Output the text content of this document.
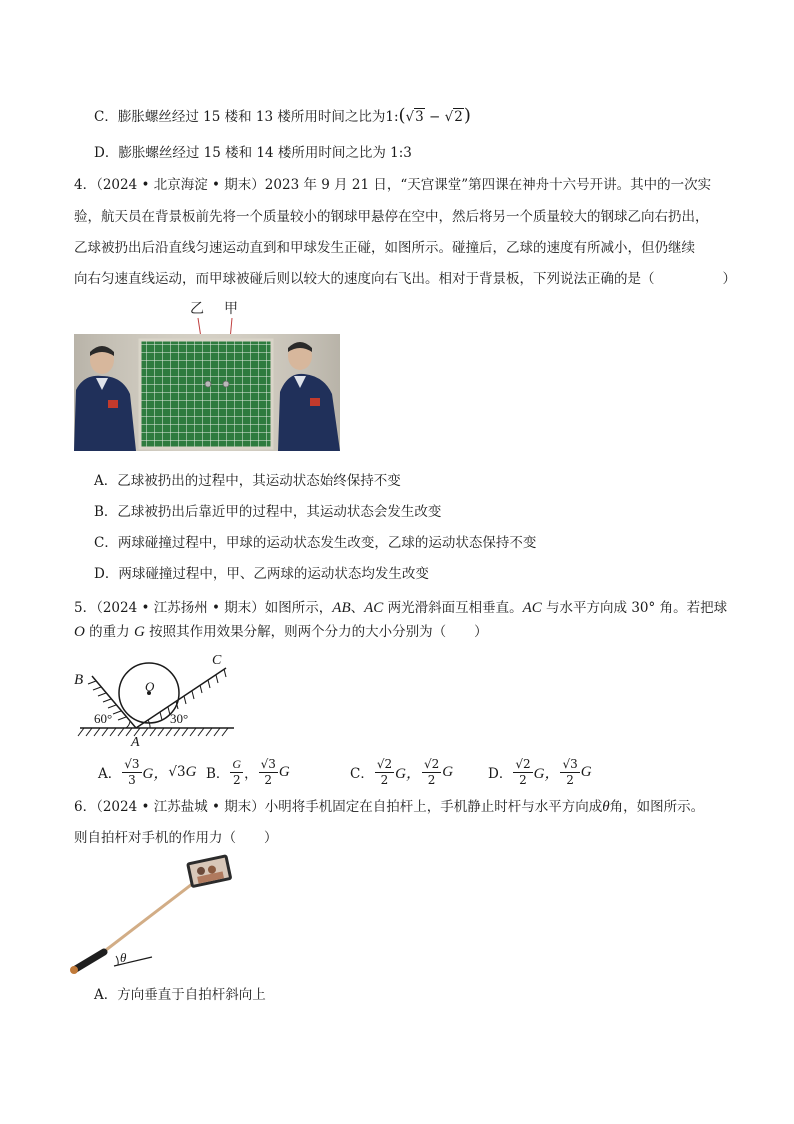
C．膨胀螺丝经过 15 楼和 13 楼所用时间之比为1:(√3 − √2)
D．膨胀螺丝经过 15 楼和 14 楼所用时间之比为 1:3
4．（2024 • 北京海淀 • 期末）2023 年 9 月 21 日，“天宫课堂”第四课在神舟十六号开讲。其中的一次实
验，航天员在背景板前先将一个质量较小的钢球甲悬停在空中，然后将另一个质量较大的钢球乙向右扔出，
乙球被扔出后沿直线匀速运动直到和甲球发生正碰，如图所示。碰撞后，乙球的速度有所减小，但仍继续
向右匀速直线运动，而甲球被碰后则以较大的速度向右飞出。相对于背景板，下列说法正确的是（	）
乙 甲
A．乙球被扔出的过程中，其运动状态始终保持不变
B．乙球被扔出后靠近甲的过程中，其运动状态会发生改变
C．两球碰撞过程中，甲球的运动状态发生改变，乙球的运动状态保持不变
D．两球碰撞过程中，甲、乙两球的运动状态均发生改变
5．（2024 • 江苏扬州 • 期末）如图所示，AB、AC 两光滑斜面互相垂直。AC 与水平方向成 30° 角。若把球
O 的重力 G 按照其作用效果分解，则两个分力的大小分别为（ ）
B
C
O
A
60°	30°
A． $\frac{√3}{3}$ G， √3 G B． $\frac{G}{2}$ ， $\frac{√3}{2}$ G	C． $\frac{√2}{2}$ G， $\frac{√2}{2}$ G	D． $\frac{√2}{2}$ G， $\frac{√3}{2}$ G
6．（2024 • 江苏盐城 • 期末）小明将手机固定在自拍杆上，手机静止时杆与水平方向成θ角，如图所示。
则自拍杆对手机的作用力（ ）
θ
A．方向垂直于自拍杆斜向上
